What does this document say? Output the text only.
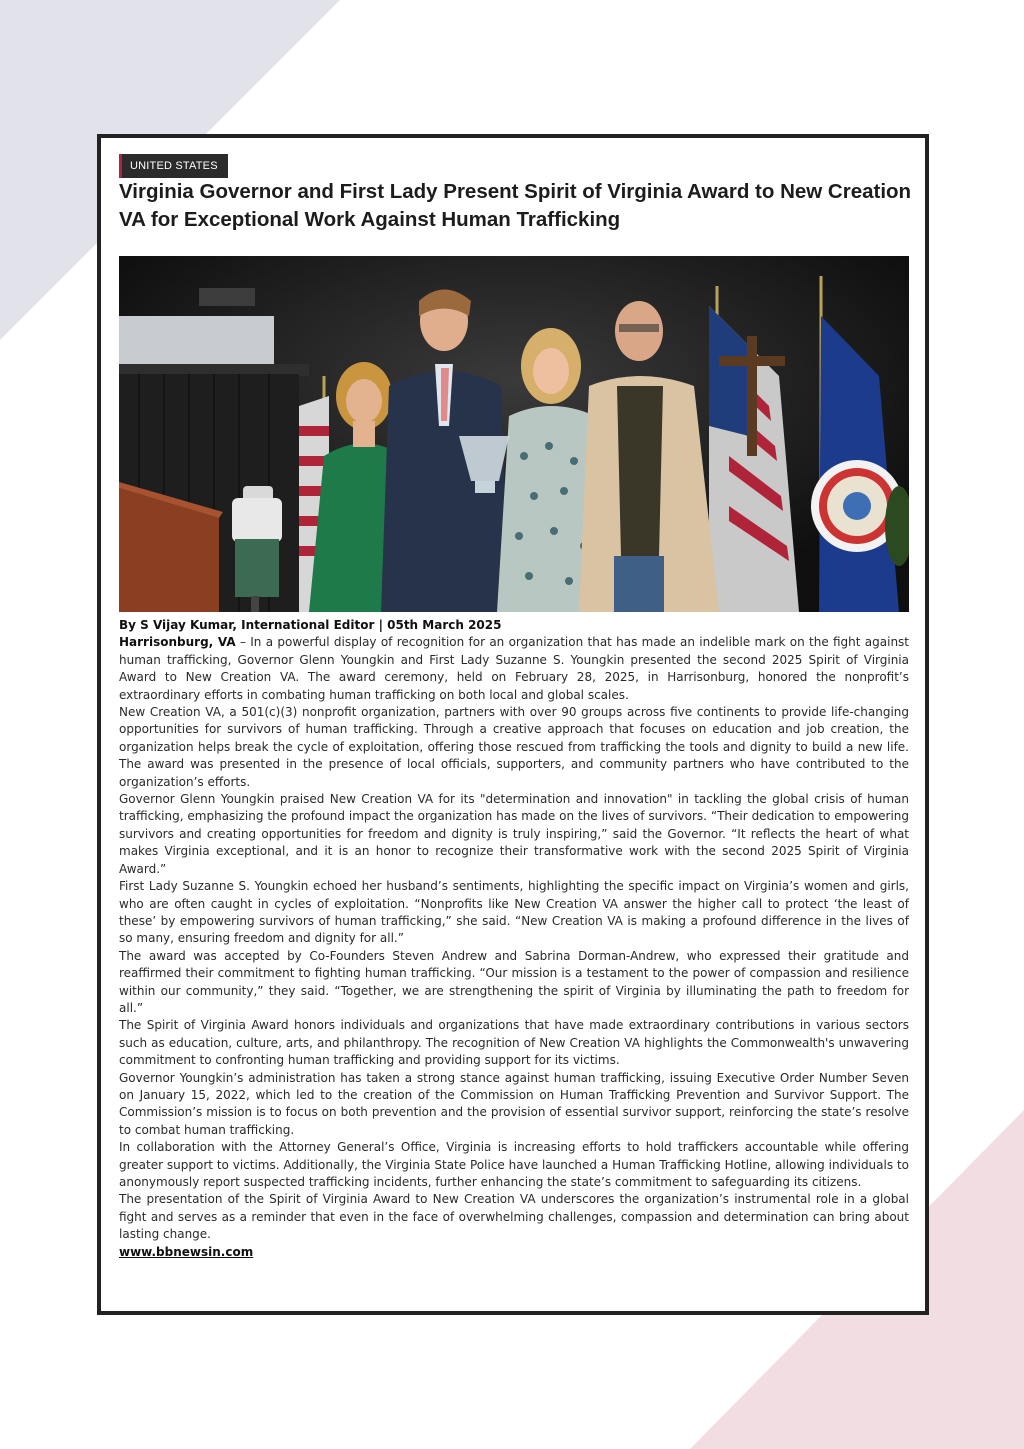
UNITED STATES
Virginia Governor and First Lady Present Spirit of Virginia Award to New Creation VA for Exceptional Work Against Human Trafficking

By S Vijay Kumar, International Editor | 05th March 2025

Harrisonburg, VA – In a powerful display of recognition for an organization that has made an indelible mark on the fight against human trafficking, Governor Glenn Youngkin and First Lady Suzanne S. Youngkin presented the second 2025 Spirit of Virginia Award to New Creation VA. The award ceremony, held on February 28, 2025, in Harrisonburg, honored the nonprofit’s extraordinary efforts in combating human trafficking on both local and global scales.

New Creation VA, a 501(c)(3) nonprofit organization, partners with over 90 groups across five continents to provide life-changing opportunities for survivors of human trafficking. Through a creative approach that focuses on education and job creation, the organization helps break the cycle of exploitation, offering those rescued from trafficking the tools and dignity to build a new life. The award was presented in the presence of local officials, supporters, and community partners who have contributed to the organization’s efforts.

Governor Glenn Youngkin praised New Creation VA for its "determination and innovation" in tackling the global crisis of human trafficking, emphasizing the profound impact the organization has made on the lives of survivors. “Their dedication to empowering survivors and creating opportunities for freedom and dignity is truly inspiring,” said the Governor. “It reflects the heart of what makes Virginia exceptional, and it is an honor to recognize their transformative work with the second 2025 Spirit of Virginia Award.”

First Lady Suzanne S. Youngkin echoed her husband’s sentiments, highlighting the specific impact on Virginia’s women and girls, who are often caught in cycles of exploitation. “Nonprofits like New Creation VA answer the higher call to protect ‘the least of these’ by empowering survivors of human trafficking,” she said. “New Creation VA is making a profound difference in the lives of so many, ensuring freedom and dignity for all.”

The award was accepted by Co-Founders Steven Andrew and Sabrina Dorman-Andrew, who expressed their gratitude and reaffirmed their commitment to fighting human trafficking. “Our mission is a testament to the power of compassion and resilience within our community,” they said. “Together, we are strengthening the spirit of Virginia by illuminating the path to freedom for all.”

The Spirit of Virginia Award honors individuals and organizations that have made extraordinary contributions in various sectors such as education, culture, arts, and philanthropy. The recognition of New Creation VA highlights the Commonwealth's unwavering commitment to confronting human trafficking and providing support for its victims.

Governor Youngkin’s administration has taken a strong stance against human trafficking, issuing Executive Order Number Seven on January 15, 2022, which led to the creation of the Commission on Human Trafficking Prevention and Survivor Support. The Commission’s mission is to focus on both prevention and the provision of essential survivor support, reinforcing the state’s resolve to combat human trafficking.

In collaboration with the Attorney General’s Office, Virginia is increasing efforts to hold traffickers accountable while offering greater support to victims. Additionally, the Virginia State Police have launched a Human Trafficking Hotline, allowing individuals to anonymously report suspected trafficking incidents, further enhancing the state’s commitment to safeguarding its citizens.

The presentation of the Spirit of Virginia Award to New Creation VA underscores the organization’s instrumental role in a global fight and serves as a reminder that even in the face of overwhelming challenges, compassion and determination can bring about lasting change.

www.bbnewsin.com
